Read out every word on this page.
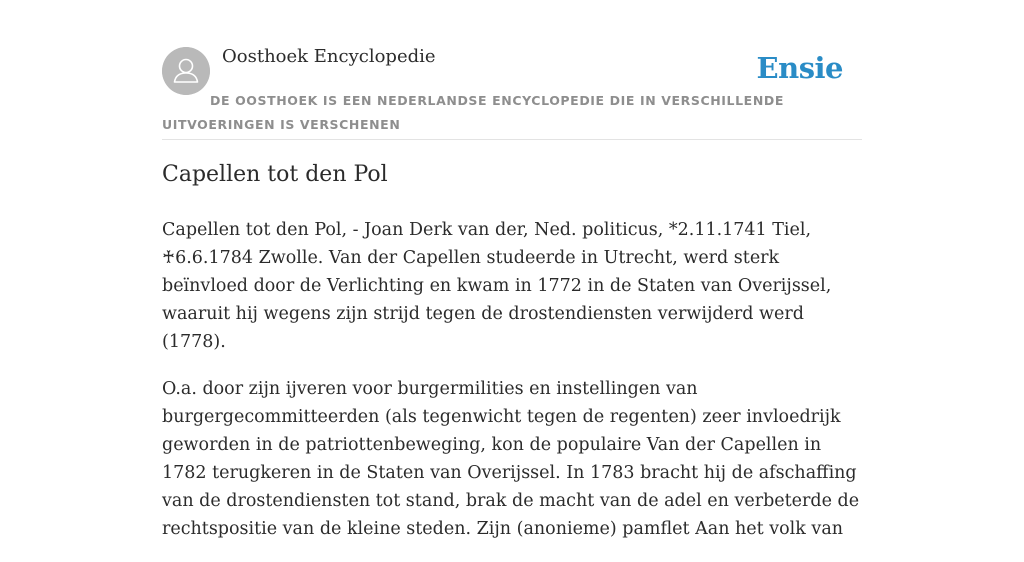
Oosthoek Encyclopedie	Ensie
DE OOSTHOEK IS EEN NEDERLANDSE ENCYCLOPEDIE DIE IN VERSCHILLENDE UITVOERINGEN IS VERSCHENEN
Capellen tot den Pol

Capellen tot den Pol, - Joan Derk van der, Ned. politicus, *2.11.1741 Tiel, ♰6.6.1784 Zwolle. Van der Capellen studeerde in Utrecht, werd sterk beïnvloed door de Verlichting en kwam in 1772 in de Staten van Overijssel, waaruit hij wegens zijn strijd tegen de drostendiensten verwijderd werd (1778).

O.a. door zijn ijveren voor burgermilities en instellingen van burgergecommitteerden (als tegenwicht tegen de regenten) zeer invloedrijk geworden in de patriottenbeweging, kon de populaire Van der Capellen in 1782 terugkeren in de Staten van Overijssel. In 1783 bracht hij de afschaffing van de drostendiensten tot stand, brak de macht van de adel en verbeterde de rechtspositie van de kleine steden. Zijn (anonieme) pamflet Aan het volk van
